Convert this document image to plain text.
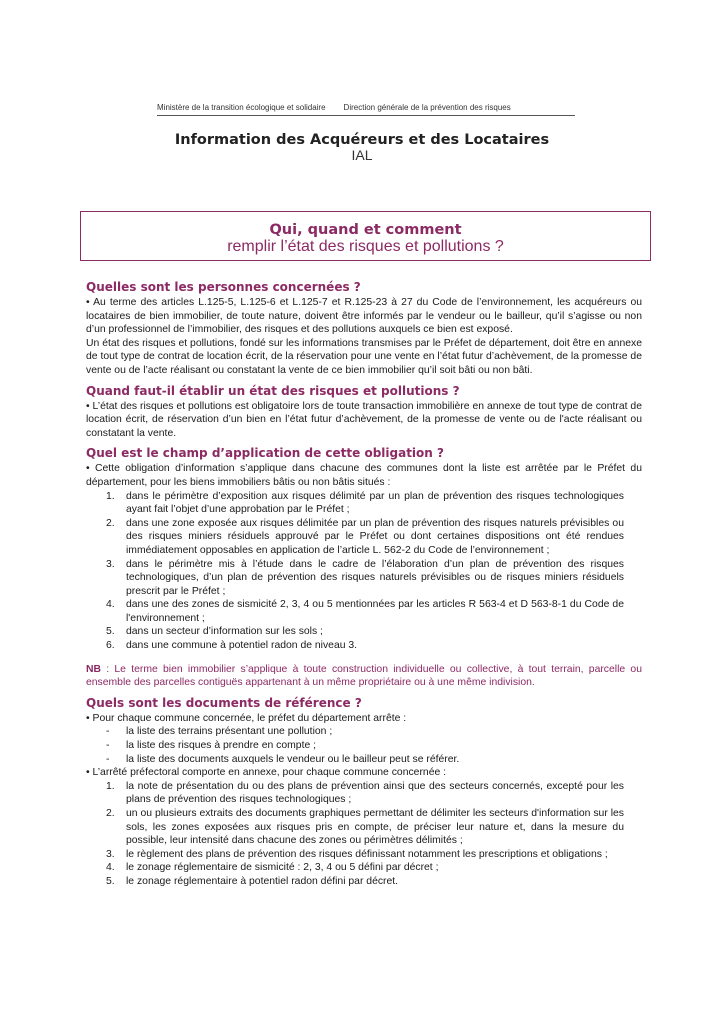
Ministère de la transition écologique et solidaire Direction générale de la prévention des risques
Information des Acquéreurs et des Locataires
IAL
Qui, quand et comment
remplir l’état des risques et pollutions ?
Quelles sont les personnes concernées ?

• Au terme des articles L.125-5, L.125-6 et L.125-7 et R.125-23 à 27 du Code de l’environnement, les acquéreurs ou locataires de bien immobilier, de toute nature, doivent être informés par le vendeur ou le bailleur, qu’il s’agisse ou non d’un professionnel de l’immobilier, des risques et des pollutions auxquels ce bien est exposé.

Un état des risques et pollutions, fondé sur les informations transmises par le Préfet de département, doit être en annexe de tout type de contrat de location écrit, de la réservation pour une vente en l’état futur d’achèvement, de la promesse de vente ou de l’acte réalisant ou constatant la vente de ce bien immobilier qu’il soit bâti ou non bâti.

Quand faut-il établir un état des risques et pollutions ?

• L’état des risques et pollutions est obligatoire lors de toute transaction immobilière en annexe de tout type de contrat de location écrit, de réservation d’un bien en l’état futur d’achèvement, de la promesse de vente ou de l'acte réalisant ou constatant la vente.

Quel est le champ d’application de cette obligation ?

• Cette obligation d’information s’applique dans chacune des communes dont la liste est arrêtée par le Préfet du département, pour les biens immobiliers bâtis ou non bâtis situés :

1.	dans le périmètre d’exposition aux risques délimité par un plan de prévention des risques technologiques ayant fait l’objet d’une approbation par le Préfet ;
2.	dans une zone exposée aux risques délimitée par un plan de prévention des risques naturels prévisibles ou des risques miniers résiduels approuvé par le Préfet ou dont certaines dispositions ont été rendues immédiatement opposables en application de l’article L. 562-2 du Code de l’environnement ;
3.	dans le périmètre mis à l’étude dans le cadre de l’élaboration d’un plan de prévention des risques technologiques, d’un plan de prévention des risques naturels prévisibles ou de risques miniers résiduels prescrit par le Préfet ;
4.	dans une des zones de sismicité 2, 3, 4 ou 5 mentionnées par les articles R 563-4 et D 563-8-1 du Code de l'environnement ;
5.	dans un secteur d’information sur les sols ;
6.	dans une commune à potentiel radon de niveau 3.

NB : Le terme bien immobilier s’applique à toute construction individuelle ou collective, à tout terrain, parcelle ou ensemble des parcelles contiguës appartenant à un même propriétaire ou à une même indivision.

Quels sont les documents de référence ?

• Pour chaque commune concernée, le préfet du département arrête :

-	la liste des terrains présentant une pollution ;
-	la liste des risques à prendre en compte ;
-	la liste des documents auxquels le vendeur ou le bailleur peut se référer.

• L’arrêté préfectoral comporte en annexe, pour chaque commune concernée :

1.	la note de présentation du ou des plans de prévention ainsi que des secteurs concernés, excepté pour les plans de prévention des risques technologiques ;
2.	un ou plusieurs extraits des documents graphiques permettant de délimiter les secteurs d'information sur les sols, les zones exposées aux risques pris en compte, de préciser leur nature et, dans la mesure du possible, leur intensité dans chacune des zones ou périmètres délimités ;
3.	le règlement des plans de prévention des risques définissant notamment les prescriptions et obligations ;
4.	le zonage réglementaire de sismicité : 2, 3, 4 ou 5 défini par décret ;
5.	le zonage réglementaire à potentiel radon défini par décret.
